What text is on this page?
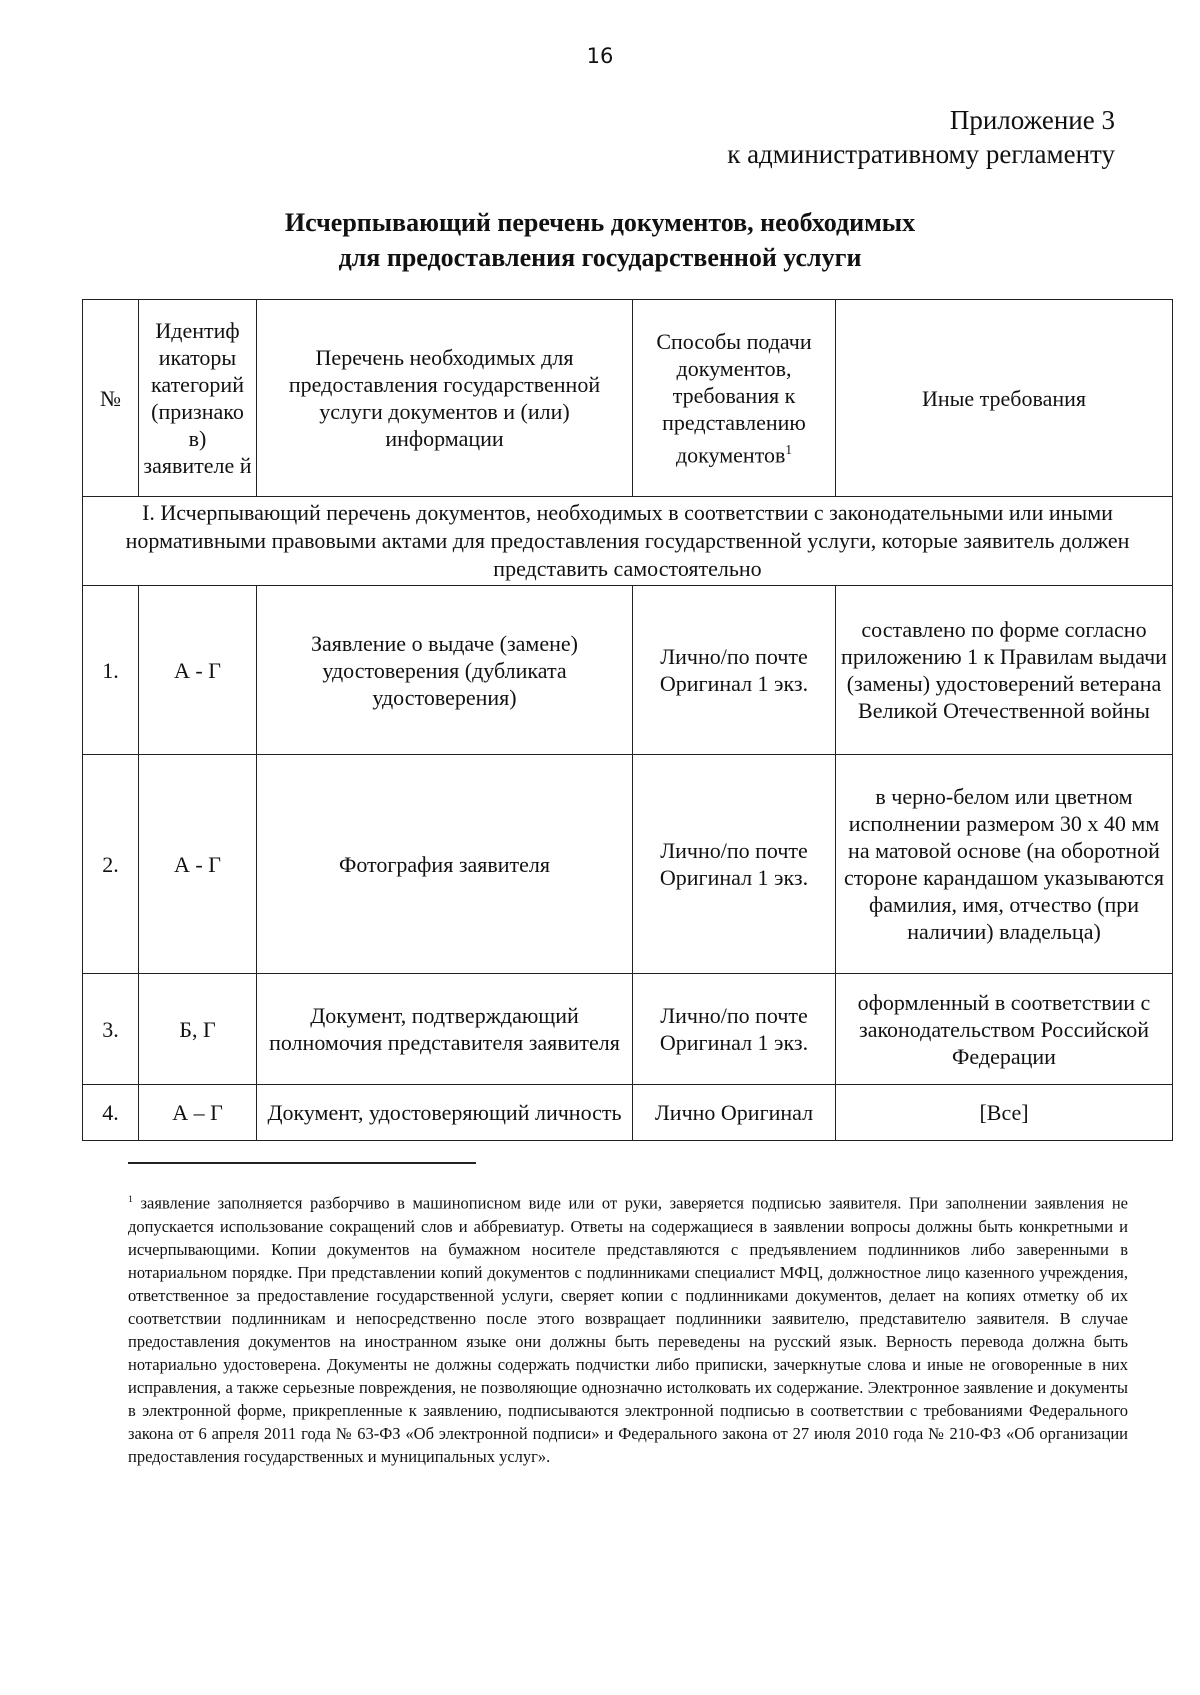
16
Приложение 3
к административному регламенту
Исчерпывающий перечень документов, необходимых
для предоставления государственной услуги
№	Идентиф икаторы категорий (признако в) заявителе й	Перечень необходимых для предоставления государственной услуги документов и (или) информации	Способы подачи документов, требования к представлению документов$^1$	Иные требования
I. Исчерпывающий перечень документов, необходимых в соответствии с законодательными или иными нормативными правовыми актами для предоставления государственной услуги, которые заявитель должен представить самостоятельно				
1.	А - Г	Заявление о выдаче (замене) удостоверения (дубликата удостоверения)	Лично/по почте Оригинал 1 экз.	составлено по форме согласно приложению 1 к Правилам выдачи (замены) удостоверений ветерана Великой Отечественной войны
2.	А - Г	Фотография заявителя	Лично/по почте Оригинал 1 экз.	в черно-белом или цветном исполнении размером 30 х 40 мм на матовой основе (на оборотной стороне карандашом указываются фамилия, имя, отчество (при наличии) владельца)
3.	Б, Г	Документ, подтверждающий полномочия представителя заявителя	Лично/по почте Оригинал 1 экз.	оформленный в соответствии с законодательством Российской Федерации
4.	А – Г	Документ, удостоверяющий личность	Лично Оригинал	[Все]
$^1$ заявление заполняется разборчиво в машинописном виде или от руки, заверяется подписью заявителя. При заполнении заявления не допускается использование сокращений слов и аббревиатур. Ответы на содержащиеся в заявлении вопросы должны быть конкретными и исчерпывающими. Копии документов на бумажном носителе представляются с предъявлением подлинников либо заверенными в нотариальном порядке. При представлении копий документов с подлинниками специалист МФЦ, должностное лицо казенного учреждения, ответственное за предоставление государственной услуги, сверяет копии с подлинниками документов, делает на копиях отметку об их соответствии подлинникам и непосредственно после этого возвращает подлинники заявителю, представителю заявителя. В случае предоставления документов на иностранном языке они должны быть переведены на русский язык. Верность перевода должна быть нотариально удостоверена. Документы не должны содержать подчистки либо приписки, зачеркнутые слова и иные не оговоренные в них исправления, а также серьезные повреждения, не позволяющие однозначно истолковать их содержание. Электронное заявление и документы в электронной форме, прикрепленные к заявлению, подписываются электронной подписью в соответствии с требованиями Федерального закона от 6 апреля 2011 года № 63-ФЗ «Об электронной подписи» и Федерального закона от 27 июля 2010 года № 210-ФЗ «Об организации предоставления государственных и муниципальных услуг».
